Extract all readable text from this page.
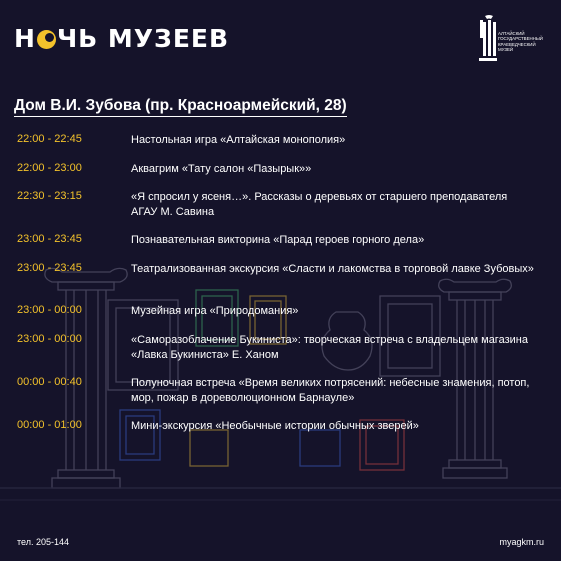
Н ЧЬ МУЗЕЕВ	АЛТАЙСКИЙ ГОСУДАРСТВЕННЫЙ КРАЕВЕДЧЕСКИЙ МУЗЕЙ
Дом В.И. Зубова (пр. Красноармейский, 28)
22:00 - 22:45	Настольная игра «Алтайская монополия»
22:00 - 23:00	Аквагрим «Тату салон «Пазырык»»
22:30 - 23:15	«Я спросил у ясеня…». Рассказы о деревьях от старшего преподавателя АГАУ М. Савина
23:00 - 23:45	Познавательная викторина «Парад героев горного дела»
23:00 - 23:45	Театрализованная экскурсия «Сласти и лакомства в торговой лавке Зубовых»
23:00 - 00:00	Музейная игра «Природомания»
23:00 - 00:00	«Саморазоблачение Букиниста»: творческая встреча с владельцем магазина «Лавка Букиниста» Е. Ханом
00:00 - 00:40	Полуночная встреча «Время великих потрясений: небесные знамения, потоп, мор, пожар в дореволюционном Барнауле»
00:00 - 01:00	Мини-экскурсия «Необычные истории обычных зверей»
тел. 205-144	myagkm.ru
